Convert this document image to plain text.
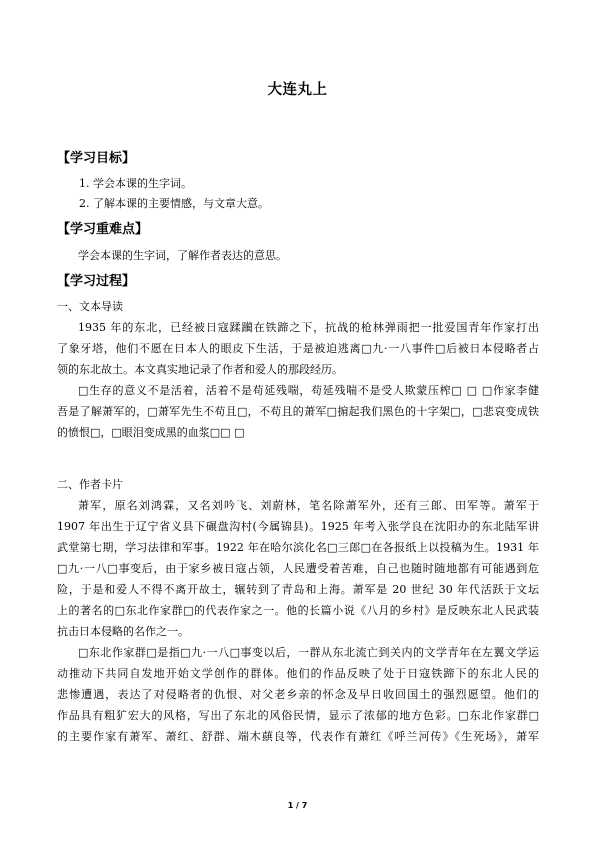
大连丸上
【学习目标】
1. 学会本课的生字词。
2. 了解本课的主要情感，与文章大意。
【学习重难点】
学会本课的生字词，了解作者表达的意思。
【学习过程】
一、文本导读
1935 年的东北，已经被日寇蹂躏在铁蹄之下，抗战的枪林弹雨把一批爱国青年作家打出
了象牙塔，他们不愿在日本人的眼皮下生活，于是被迫逃离□九·一八事件□后被日本侵略者占
领的东北故土。本文真实地记录了作者和爱人的那段经历。
□生存的意义不是活着，活着不是苟延残喘，苟延残喘不是受人欺蒙压榨□ □ □作家李健
吾是了解萧军的，□萧军先生不苟且□，不苟且的萧军□掮起我们黑色的十字架□，□悲哀变成铁
的愤恨□，□眼泪变成黑的血浆□□ □
二、作者卡片
萧军，原名刘鸿霖，又名刘吟飞、刘蔚林，笔名除萧军外，还有三郎、田军等。萧军于
1907 年出生于辽宁省义县下碾盘沟村(今属锦县)。1925 年考入张学良在沈阳办的东北陆军讲
武堂第七期，学习法律和军事。1922 年在哈尔滨化名□三郎□在各报纸上以投稿为生。1931 年
□九·一八□事变后，由于家乡被日寇占领，人民遭受着苦难，自己也随时随地都有可能遇到危
险，于是和爱人不得不离开故土，辗转到了青岛和上海。萧军是 20 世纪 30 年代活跃于文坛
上的著名的□东北作家群□的代表作家之一。他的长篇小说《八月的乡村》是反映东北人民武装
抗击日本侵略的名作之一。
□东北作家群□是指□九·一八□事变以后，一群从东北流亡到关内的文学青年在左翼文学运
动推动下共同自发地开始文学创作的群体。他们的作品反映了处于日寇铁蹄下的东北人民的
悲惨遭遇，表达了对侵略者的仇恨、对父老乡亲的怀念及早日收回国土的强烈愿望。他们的
作品具有粗犷宏大的风格，写出了东北的风俗民情，显示了浓郁的地方色彩。□东北作家群□
的主要作家有萧军、萧红、舒群、端木蕻良等，代表作有萧红《呼兰河传》《生死场》，萧军
1 / 7
